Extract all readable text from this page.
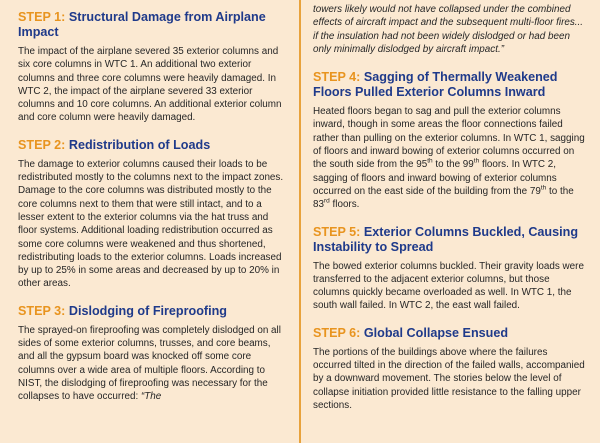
STEP 1: Structural Damage from Airplane Impact

The impact of the airplane severed 35 exterior columns and six core columns in WTC 1. An additional two exterior columns and three core columns were heavily damaged. In WTC 2, the impact of the airplane severed 33 exterior columns and 10 core columns. An additional exterior column and core column were heavily damaged.

STEP 2: Redistribution of Loads

The damage to exterior columns caused their loads to be redistributed mostly to the columns next to the impact zones. Damage to the core columns was distributed mostly to the core columns next to them that were still intact, and to a lesser extent to the exterior columns via the hat truss and floor systems. Additional loading redistribution occurred as some core columns were weakened and thus shortened, redistributing loads to the exterior columns. Loads increased by up to 25% in some areas and decreased by up to 20% in other areas.

STEP 3: Dislodging of Fireproofing

The sprayed-on fireproofing was completely dislodged on all sides of some exterior columns, trusses, and core beams, and all the gypsum board was knocked off some core columns over a wide area of multiple floors. According to NIST, the dislodging of fireproofing was necessary for the collapses to have occurred: “The

towers likely would not have collapsed under the combined effects of aircraft impact and the subsequent multi-floor fires... if the insulation had not been widely dislodged or had been only minimally dislodged by aircraft impact.”

STEP 4: Sagging of Thermally Weakened Floors Pulled Exterior Columns Inward

Heated floors began to sag and pull the exterior columns inward, though in some areas the floor connections failed rather than pulling on the exterior columns. In WTC 1, sagging of floors and inward bowing of exterior columns occurred on the south side from the 95th to the 99th floors. In WTC 2, sagging of floors and inward bowing of exterior columns occurred on the east side of the building from the 79th to the 83rd floors.

STEP 5: Exterior Columns Buckled, Causing Instability to Spread

The bowed exterior columns buckled. Their gravity loads were transferred to the adjacent exterior columns, but those columns quickly became overloaded as well. In WTC 1, the south wall failed. In WTC 2, the east wall failed.

STEP 6: Global Collapse Ensued

The portions of the buildings above where the failures occurred tilted in the direction of the failed walls, accompanied by a downward movement. The stories below the level of collapse initiation provided little resistance to the falling upper sections.
